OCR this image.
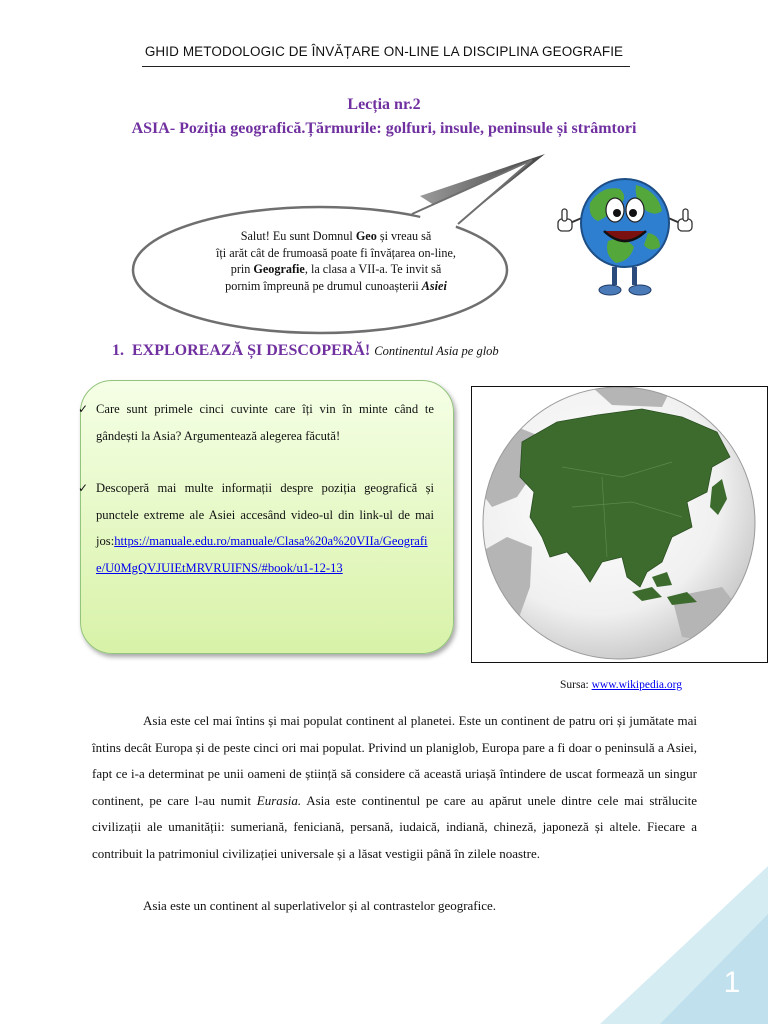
GHID METODOLOGIC DE ÎNVĂȚARE ON-LINE LA DISCIPLINA GEOGRAFIE
Lecția nr.2
ASIA- Poziția geografică.Țărmurile: golfuri, insule, peninsule și strâmtori
Salut! Eu sunt Domnul Geo și vreau să
îți arăt cât de frumoasă poate fi învățarea on-line,
prin Geografie, la clasa a VII-a. Te invit să
pornim împreună pe drumul cunoașterii Asiei
1. EXPLOREAZĂ ȘI DESCOPERĂ! Continentul Asia pe glob
✓ Care sunt primele cinci cuvinte care îți vin în minte când te gândești la Asia? Argumentează alegerea făcută!
✓ Descoperă mai multe informații despre poziția geografică și punctele extreme ale Asiei accesând video-ul din link-ul de mai jos:https://manuale.edu.ro/manuale/Clasa%20a%20VIIa/Geografie/U0MgQVJUIEtMRVRUIFNS/#book/u1-12-13
Sursa: www.wikipedia.org
Asia este cel mai întins și mai populat continent al planetei. Este un continent de patru ori și jumătate mai întins decât Europa și de peste cinci ori mai populat. Privind un planiglob, Europa pare a fi doar o peninsulă a Asiei, fapt ce i-a determinat pe unii oameni de știință să considere că această uriașă întindere de uscat formează un singur continent, pe care l-au numit Eurasia. Asia este continentul pe care au apărut unele dintre cele mai strălucite civilizații ale umanității: sumeriană, feniciană, persană, iudaică, indiană, chineză, japoneză și altele. Fiecare a contribuit la patrimoniul civilizației universale și a lăsat vestigii până în zilele noastre.
Asia este un continent al superlativelor și al contrastelor geografice.
1
